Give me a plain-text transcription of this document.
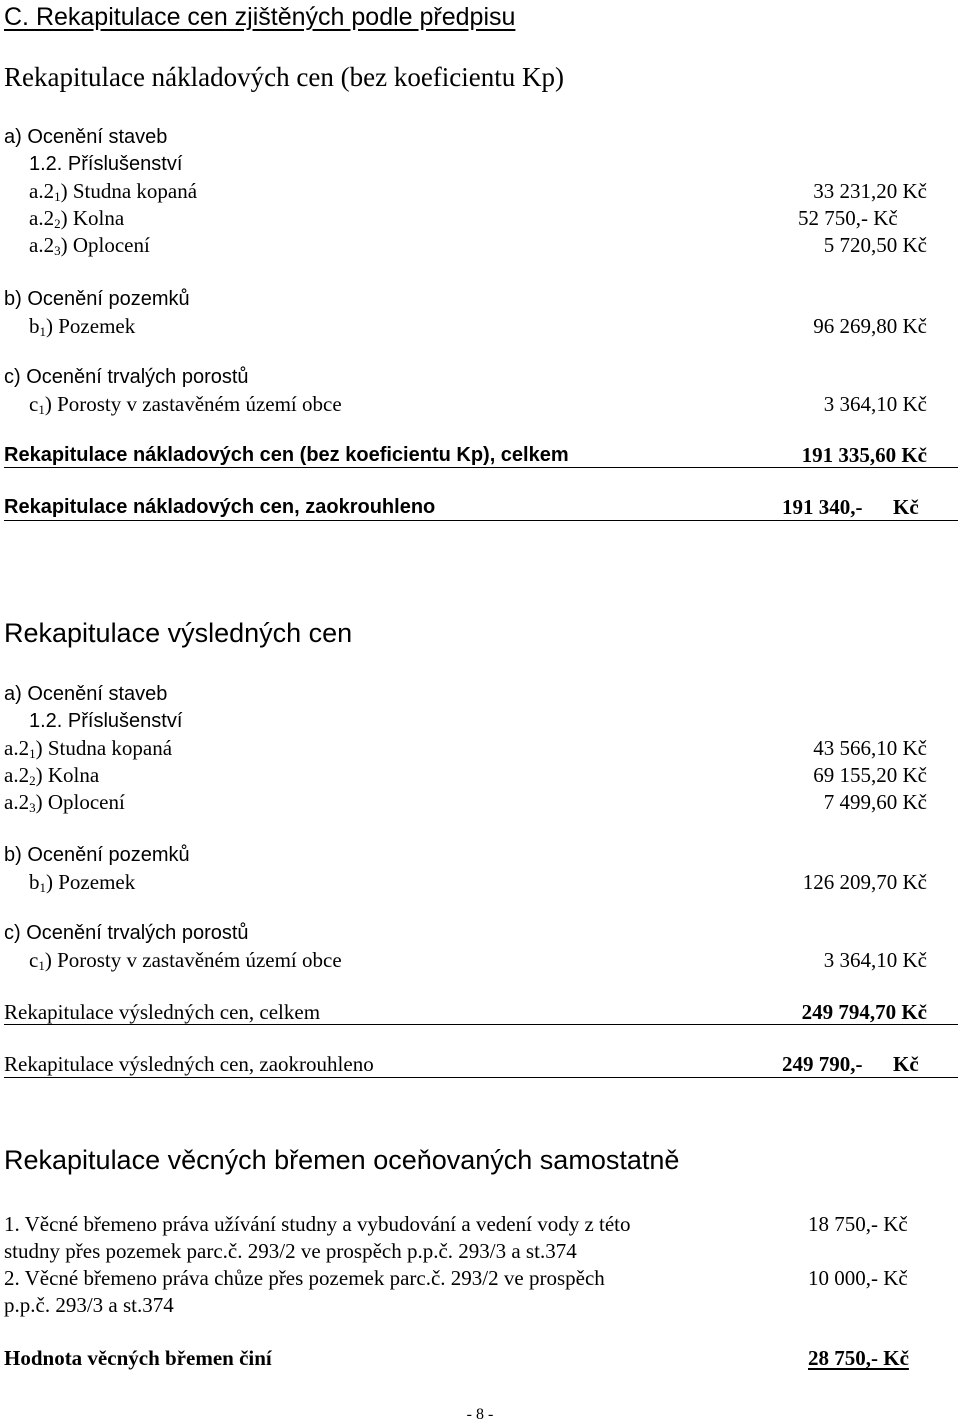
C. Rekapitulace cen zjištěných podle předpisu
Rekapitulace nákladových cen (bez koeficientu Kp)
a) Ocenění staveb
1.2. Příslušenství
$a.2_1$) Studna kopaná	33 231,20 Kč
$a.2_2$) Kolna	52 750,- Kč
$a.2_3$) Oplocení	5 720,50 Kč
b) Ocenění pozemků
$b_1$) Pozemek	96 269,80 Kč
c) Ocenění trvalých porostů
$c_1$) Porosty v zastavěném území obce	3 364,10 Kč
Rekapitulace nákladových cen (bez koeficientu Kp), celkem	191 335,60 Kč
Rekapitulace nákladových cen, zaokrouhleno	191 340,- Kč
Rekapitulace výsledných cen
a) Ocenění staveb
1.2. Příslušenství
$a.2_1$) Studna kopaná	43 566,10 Kč
$a.2_2$) Kolna	69 155,20 Kč
$a.2_3$) Oplocení	7 499,60 Kč
b) Ocenění pozemků
$b_1$) Pozemek	126 209,70 Kč
c) Ocenění trvalých porostů
$c_1$) Porosty v zastavěném území obce	3 364,10 Kč
Rekapitulace výsledných cen, celkem	249 794,70 Kč
Rekapitulace výsledných cen, zaokrouhleno	249 790,- Kč
Rekapitulace věcných břemen oceňovaných samostatně
1. Věcné břemeno práva užívání studny a vybudování a vedení vody z této	18 750,- Kč
studny přes pozemek parc.č. 293/2 ve prospěch p.p.č. 293/3 a st.374
2. Věcné břemeno práva chůze přes pozemek parc.č. 293/2 ve prospěch	10 000,- Kč
p.p.č. 293/3 a st.374
Hodnota věcných břemen činí	28 750,- Kč
- 8 -
